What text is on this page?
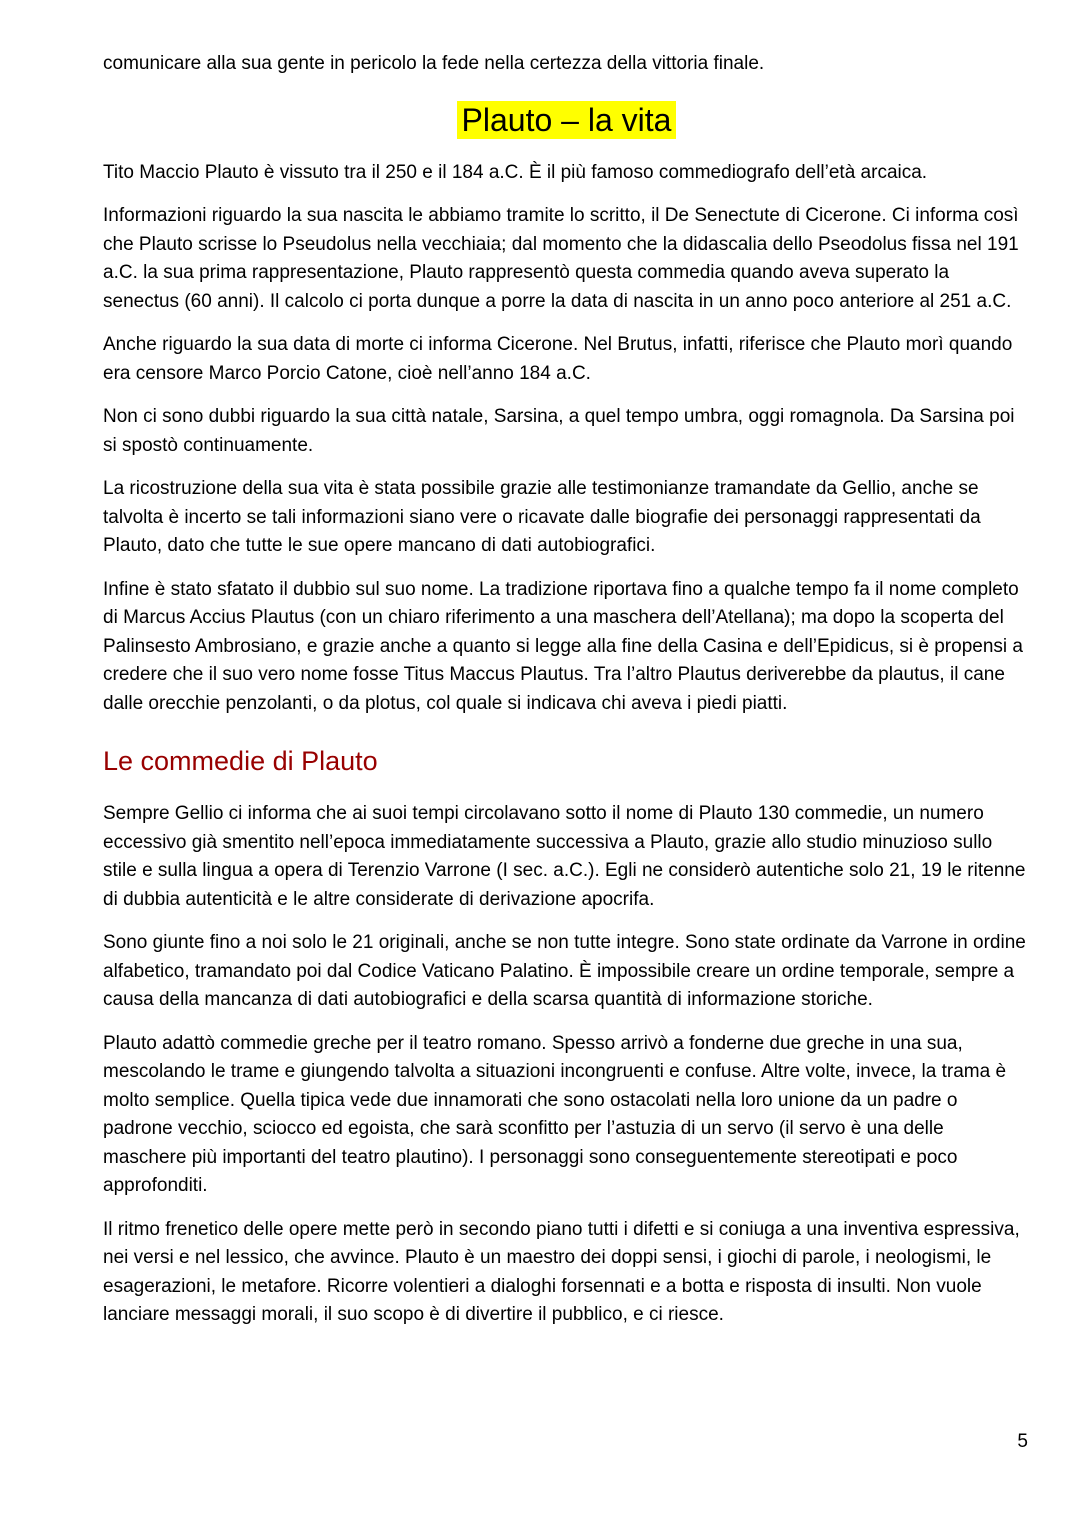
comunicare alla sua gente in pericolo la fede nella certezza della vittoria finale.

Plauto – la vita

Tito Maccio Plauto è vissuto tra il 250 e il 184 a.C. È il più famoso commediografo dell’età arcaica.

Informazioni riguardo la sua nascita le abbiamo tramite lo scritto, il De Senectute di Cicerone. Ci informa così che Plauto scrisse lo Pseudolus nella vecchiaia; dal momento che la didascalia dello Pseodolus fissa nel 191 a.C. la sua prima rappresentazione, Plauto rappresentò questa commedia quando aveva superato la senectus (60 anni). Il calcolo ci porta dunque a porre la data di nascita in un anno poco anteriore al 251 a.C.

Anche riguardo la sua data di morte ci informa Cicerone. Nel Brutus, infatti, riferisce che Plauto morì quando era censore Marco Porcio Catone, cioè nell’anno 184 a.C.

Non ci sono dubbi riguardo la sua città natale, Sarsina, a quel tempo umbra, oggi romagnola. Da Sarsina poi si spostò continuamente.

La ricostruzione della sua vita è stata possibile grazie alle testimonianze tramandate da Gellio, anche se talvolta è incerto se tali informazioni siano vere o ricavate dalle biografie dei personaggi rappresentati da Plauto, dato che tutte le sue opere mancano di dati autobiografici.

Infine è stato sfatato il dubbio sul suo nome. La tradizione riportava fino a qualche tempo fa il nome completo di Marcus Accius Plautus (con un chiaro riferimento a una maschera dell’Atellana); ma dopo la scoperta del Palinsesto Ambrosiano, e grazie anche a quanto si legge alla fine della Casina e dell’Epidicus, si è propensi a credere che il suo vero nome fosse Titus Maccus Plautus. Tra l’altro Plautus deriverebbe da plautus, il cane dalle orecchie penzolanti, o da plotus, col quale si indicava chi aveva i piedi piatti.

Le commedie di Plauto

Sempre Gellio ci informa che ai suoi tempi circolavano sotto il nome di Plauto 130 commedie, un numero eccessivo già smentito nell’epoca immediatamente successiva a Plauto, grazie allo studio minuzioso sullo stile e sulla lingua a opera di Terenzio Varrone (I sec. a.C.). Egli ne considerò autentiche solo 21, 19 le ritenne di dubbia autenticità e le altre considerate di derivazione apocrifa.

Sono giunte fino a noi solo le 21 originali, anche se non tutte integre. Sono state ordinate da Varrone in ordine alfabetico, tramandato poi dal Codice Vaticano Palatino. È impossibile creare un ordine temporale, sempre a causa della mancanza di dati autobiografici e della scarsa quantità di informazione storiche.

Plauto adattò commedie greche per il teatro romano. Spesso arrivò a fonderne due greche in una sua, mescolando le trame e giungendo talvolta a situazioni incongruenti e confuse. Altre volte, invece, la trama è molto semplice. Quella tipica vede due innamorati che sono ostacolati nella loro unione da un padre o padrone vecchio, sciocco ed egoista, che sarà sconfitto per l’astuzia di un servo (il servo è una delle maschere più importanti del teatro plautino). I personaggi sono conseguentemente stereotipati e poco approfonditi.

Il ritmo frenetico delle opere mette però in secondo piano tutti i difetti e si coniuga a una inventiva espressiva, nei versi e nel lessico, che avvince. Plauto è un maestro dei doppi sensi, i giochi di parole, i neologismi, le esagerazioni, le metafore. Ricorre volentieri a dialoghi forsennati e a botta e risposta di insulti. Non vuole lanciare messaggi morali, il suo scopo è di divertire il pubblico, e ci riesce.

5
